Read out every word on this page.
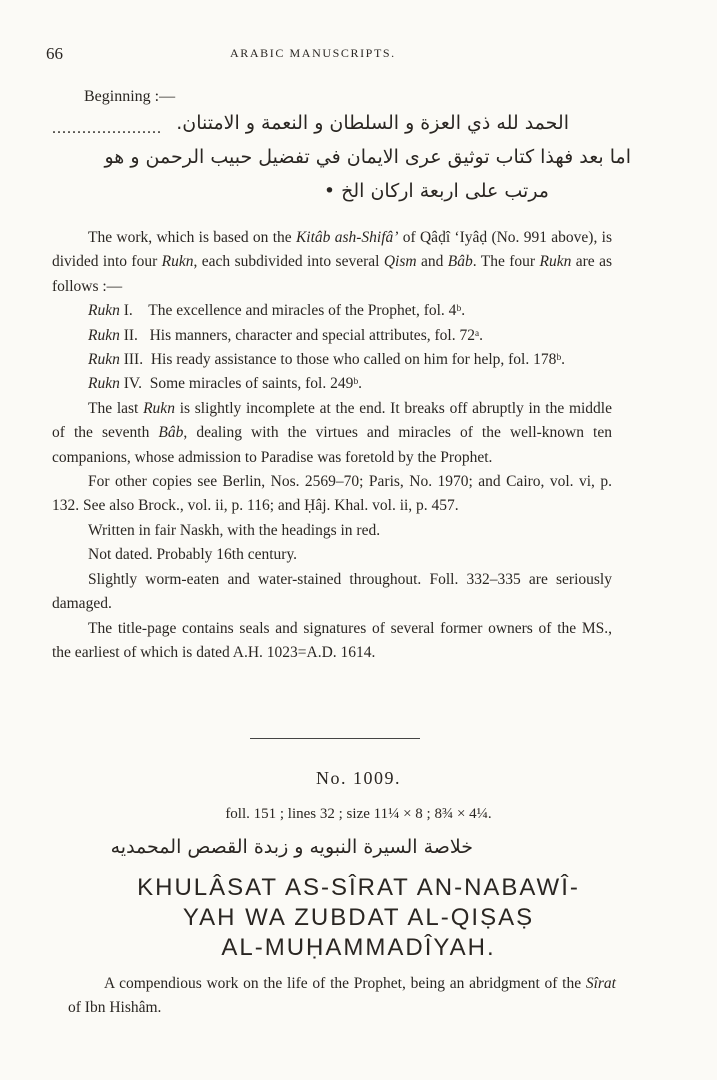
66	ARABIC MANUSCRIPTS.
Beginning :—
الحمد لله ذي العزة و السلطان و النعمة و الامتنان.
......................
اما بعد فهذا كتاب توثيق عرى الايمان في تفضيل حبيب الرحمن و هو
مرتب على اربعة اركان الخ •

The work, which is based on the Kitâb ash-Shifâ’ of Qâḍî ‘Iyâḍ (No. 991 above), is divided into four Rukn, each subdivided into several Qism and Bâb. The four Rukn are as follows :—

Rukn I. The excellence and miracles of the Prophet, fol. 4ᵇ.

Rukn II. His manners, character and special attributes, fol. 72ᵃ.

Rukn III. His ready assistance to those who called on him for help, fol. 178ᵇ.

Rukn IV. Some miracles of saints, fol. 249ᵇ.

The last Rukn is slightly incomplete at the end. It breaks off abruptly in the middle of the seventh Bâb, dealing with the virtues and miracles of the well-known ten companions, whose admission to Paradise was foretold by the Prophet.

For other copies see Berlin, Nos. 2569–70; Paris, No. 1970; and Cairo, vol. vi, p. 132. See also Brock., vol. ii, p. 116; and Ḥâj. Khal. vol. ii, p. 457.

Written in fair Naskh, with the headings in red.

Not dated. Probably 16th century.

Slightly worm-eaten and water-stained throughout. Foll. 332–335 are seriously damaged.

The title-page contains seals and signatures of several former owners of the MS., the earliest of which is dated A.H. 1023=A.D. 1614.

No. 1009.
foll. 151 ; lines 32 ; size 11¼ × 8 ; 8¾ × 4¼.
خلاصة السيرة النبويه و زبدة القصص المحمديه
KHULÂSAT AS-SÎRAT AN-NABAWÎ-
YAH WA ZUBDAT AL-QIṢAṢ
AL-MUḤAMMADÎYAH.

A compendious work on the life of the Prophet, being an abridgment of the Sîrat of Ibn Hishâm.
